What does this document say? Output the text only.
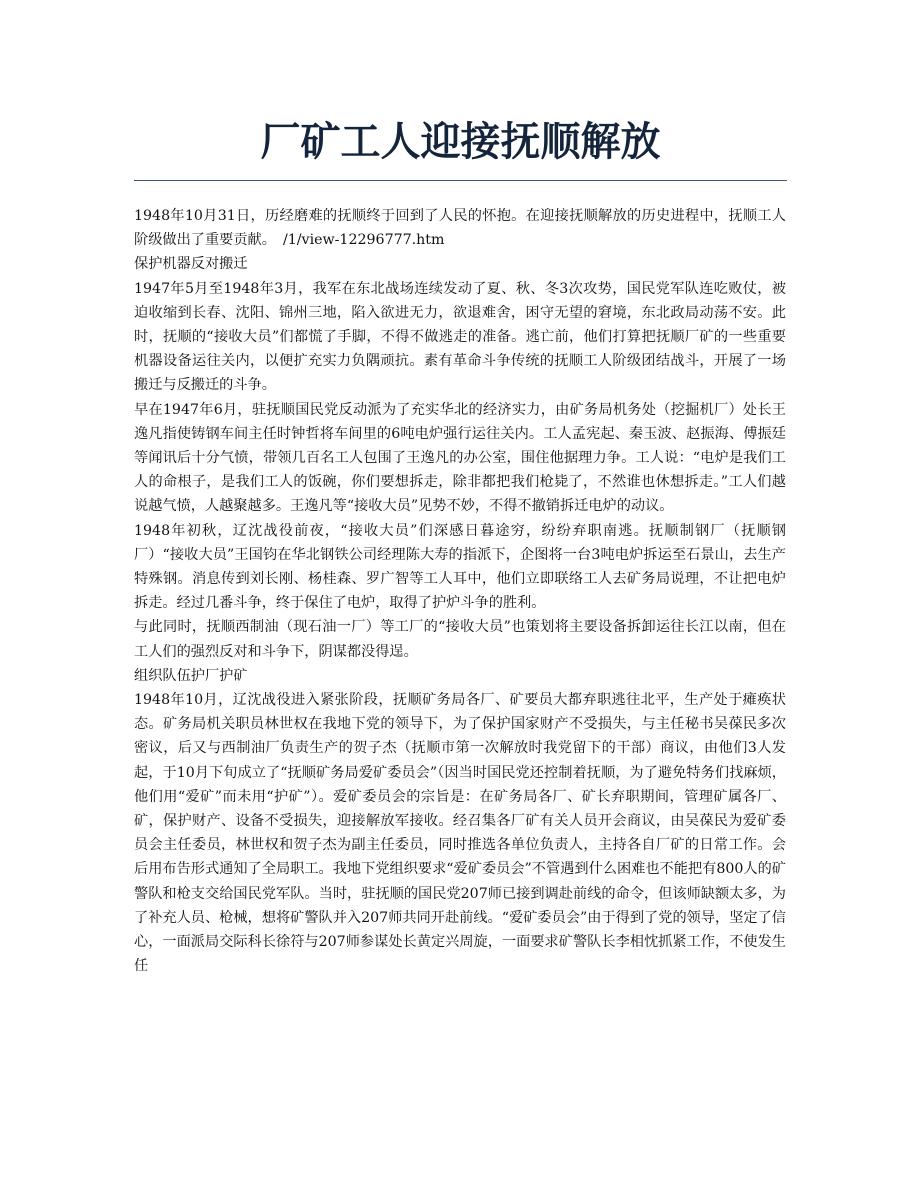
厂矿工人迎接抚顺解放

1948年10月31日，历经磨难的抚顺终于回到了人民的怀抱。在迎接抚顺解放的历史进程中，抚顺工人阶级做出了重要贡献。　/1/view-12296777.htm

保护机器反对搬迁

1947年5月至1948年3月，我军在东北战场连续发动了夏、秋、冬3次攻势，国民党军队连吃败仗，被迫收缩到长春、沈阳、锦州三地，陷入欲进无力，欲退难舍，困守无望的窘境，东北政局动荡不安。此时，抚顺的“接收大员”们都慌了手脚，不得不做逃走的准备。逃亡前，他们打算把抚顺厂矿的一些重要机器设备运往关内，以便扩充实力负隅顽抗。素有革命斗争传统的抚顺工人阶级团结战斗，开展了一场搬迁与反搬迁的斗争。

早在1947年6月，驻抚顺国民党反动派为了充实华北的经济实力，由矿务局机务处（挖掘机厂）处长王逸凡指使铸钢车间主任时钟哲将车间里的6吨电炉强行运往关内。工人孟宪起、秦玉波、赵振海、傅振廷等闻讯后十分气愤，带领几百名工人包围了王逸凡的办公室，围住他据理力争。工人说：“电炉是我们工人的命根子，是我们工人的饭碗，你们要想拆走，除非都把我们枪毙了，不然谁也休想拆走。”工人们越说越气愤，人越聚越多。王逸凡等“接收大员”见势不妙，不得不撤销拆迁电炉的动议。

1948年初秋，辽沈战役前夜，“接收大员”们深感日暮途穷，纷纷弃职南逃。抚顺制钢厂（抚顺钢厂）“接收大员”王国钧在华北钢铁公司经理陈大寿的指派下，企图将一台3吨电炉拆运至石景山，去生产特殊钢。消息传到刘长刚、杨桂森、罗广智等工人耳中，他们立即联络工人去矿务局说理，不让把电炉拆走。经过几番斗争，终于保住了电炉，取得了护炉斗争的胜利。

与此同时，抚顺西制油（现石油一厂）等工厂的“接收大员”也策划将主要设备拆卸运往长江以南，但在工人们的强烈反对和斗争下，阴谋都没得逞。

组织队伍护厂护矿

1948年10月，辽沈战役进入紧张阶段，抚顺矿务局各厂、矿要员大都弃职逃往北平，生产处于瘫痪状态。矿务局机关职员林世权在我地下党的领导下，为了保护国家财产不受损失，与主任秘书吴葆民多次密议，后又与西制油厂负责生产的贺子杰（抚顺市第一次解放时我党留下的干部）商议，由他们3人发起，于10月下旬成立了“抚顺矿务局爱矿委员会”（因当时国民党还控制着抚顺，为了避免特务们找麻烦，他们用“爱矿”而未用“护矿”）。爱矿委员会的宗旨是：在矿务局各厂、矿长弃职期间，管理矿属各厂、矿，保护财产、设备不受损失，迎接解放军接收。经召集各厂矿有关人员开会商议，由吴葆民为爱矿委员会主任委员，林世权和贺子杰为副主任委员，同时推选各单位负责人，主持各自厂矿的日常工作。会后用布告形式通知了全局职工。我地下党组织要求“爱矿委员会”不管遇到什么困难也不能把有800人的矿警队和枪支交给国民党军队。当时，驻抚顺的国民党207师已接到调赴前线的命令，但该师缺额太多，为了补充人员、枪械，想将矿警队并入207师共同开赴前线。“爱矿委员会”由于得到了党的领导，坚定了信心，一面派局交际科长徐符与207师参谋处长黄定兴周旋，一面要求矿警队长李相忱抓紧工作，不使发生任
